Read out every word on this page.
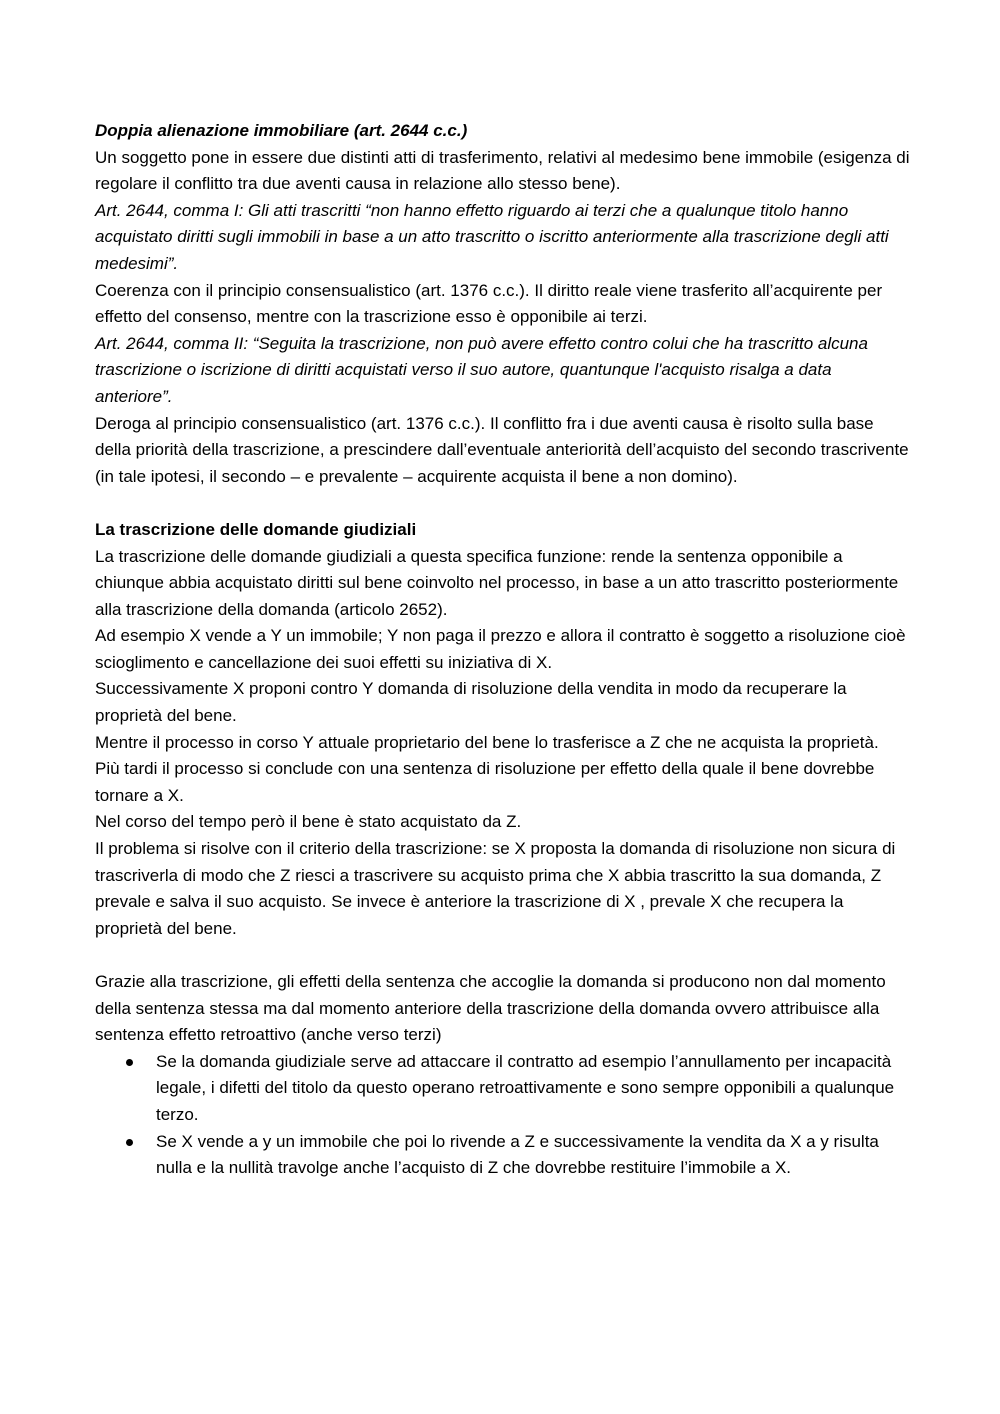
Doppia alienazione immobiliare (art. 2644 c.c.)

Un soggetto pone in essere due distinti atti di trasferimento, relativi al medesimo bene immobile (esigenza di regolare il conflitto tra due aventi causa in relazione allo stesso bene).

Art. 2644, comma I: Gli atti trascritti “non hanno effetto riguardo ai terzi che a qualunque titolo hanno acquistato diritti sugli immobili in base a un atto trascritto o iscritto anteriormente alla trascrizione degli atti medesimi”.

Coerenza con il principio consensualistico (art. 1376 c.c.). Il diritto reale viene trasferito all’acquirente per effetto del consenso, mentre con la trascrizione esso è opponibile ai terzi.

Art. 2644, comma II: “Seguita la trascrizione, non può avere effetto contro colui che ha trascritto alcuna trascrizione o iscrizione di diritti acquistati verso il suo autore, quantunque l'acquisto risalga a data anteriore”.

Deroga al principio consensualistico (art. 1376 c.c.). Il conflitto fra i due aventi causa è risolto sulla base della priorità della trascrizione, a prescindere dall’eventuale anteriorità dell’acquisto del secondo trascrivente (in tale ipotesi, il secondo – e prevalente – acquirente acquista il bene a non domino).

La trascrizione delle domande giudiziali

La trascrizione delle domande giudiziali a questa specifica funzione: rende la sentenza opponibile a chiunque abbia acquistato diritti sul bene coinvolto nel processo, in base a un atto trascritto posteriormente alla trascrizione della domanda (articolo 2652).

Ad esempio X vende a Y un immobile; Y non paga il prezzo e allora il contratto è soggetto a risoluzione cioè scioglimento e cancellazione dei suoi effetti su iniziativa di X.

Successivamente X proponi contro Y domanda di risoluzione della vendita in modo da recuperare la proprietà del bene.

Mentre il processo in corso Y attuale proprietario del bene lo trasferisce a Z che ne acquista la proprietà.

Più tardi il processo si conclude con una sentenza di risoluzione per effetto della quale il bene dovrebbe tornare a X.

Nel corso del tempo però il bene è stato acquistato da Z.

Il problema si risolve con il criterio della trascrizione: se X proposta la domanda di risoluzione non sicura di trascriverla di modo che Z riesci a trascrivere su acquisto prima che X abbia trascritto la sua domanda, Z prevale e salva il suo acquisto. Se invece è anteriore la trascrizione di X , prevale X che recupera la proprietà del bene.

Grazie alla trascrizione, gli effetti della sentenza che accoglie la domanda si producono non dal momento della sentenza stessa ma dal momento anteriore della trascrizione della domanda ovvero attribuisce alla sentenza effetto retroattivo (anche verso terzi)

Se la domanda giudiziale serve ad attaccare il contratto ad esempio l’annullamento per incapacità legale, i difetti del titolo da questo operano retroattivamente e sono sempre opponibili a qualunque terzo.
Se X vende a y un immobile che poi lo rivende a Z e successivamente la vendita da X a y risulta nulla e la nullità travolge anche l’acquisto di Z che dovrebbe restituire l’immobile a X.
